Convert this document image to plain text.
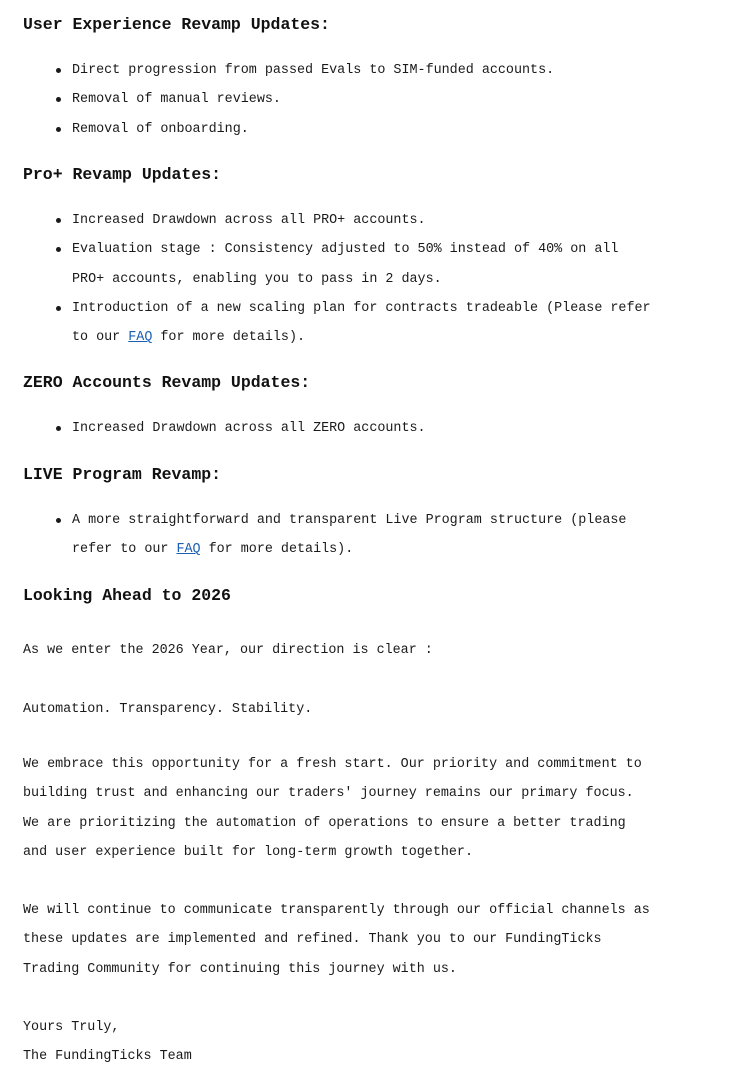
User Experience Revamp Updates:
Direct progression from passed Evals to SIM-funded accounts.
Removal of manual reviews.
Removal of onboarding.
Pro+ Revamp Updates:
Increased Drawdown across all PRO+ accounts.
Evaluation stage : Consistency adjusted to 50% instead of 40% on all
PRO+ accounts, enabling you to pass in 2 days.
Introduction of a new scaling plan for contracts tradeable (Please refer
to our FAQ for more details).
ZERO Accounts Revamp Updates:
Increased Drawdown across all ZERO accounts.
LIVE Program Revamp:
A more straightforward and transparent Live Program structure (please
refer to our FAQ for more details).
Looking Ahead to 2026

As we enter the 2026 Year, our direction is clear :

Automation. Transparency. Stability.

We embrace this opportunity for a fresh start. Our priority and commitment to
building trust and enhancing our traders' journey remains our primary focus.
We are prioritizing the automation of operations to ensure a better trading
and user experience built for long-term growth together.

We will continue to communicate transparently through our official channels as
these updates are implemented and refined. Thank you to our FundingTicks
Trading Community for continuing this journey with us.

Yours Truly,
The FundingTicks Team
